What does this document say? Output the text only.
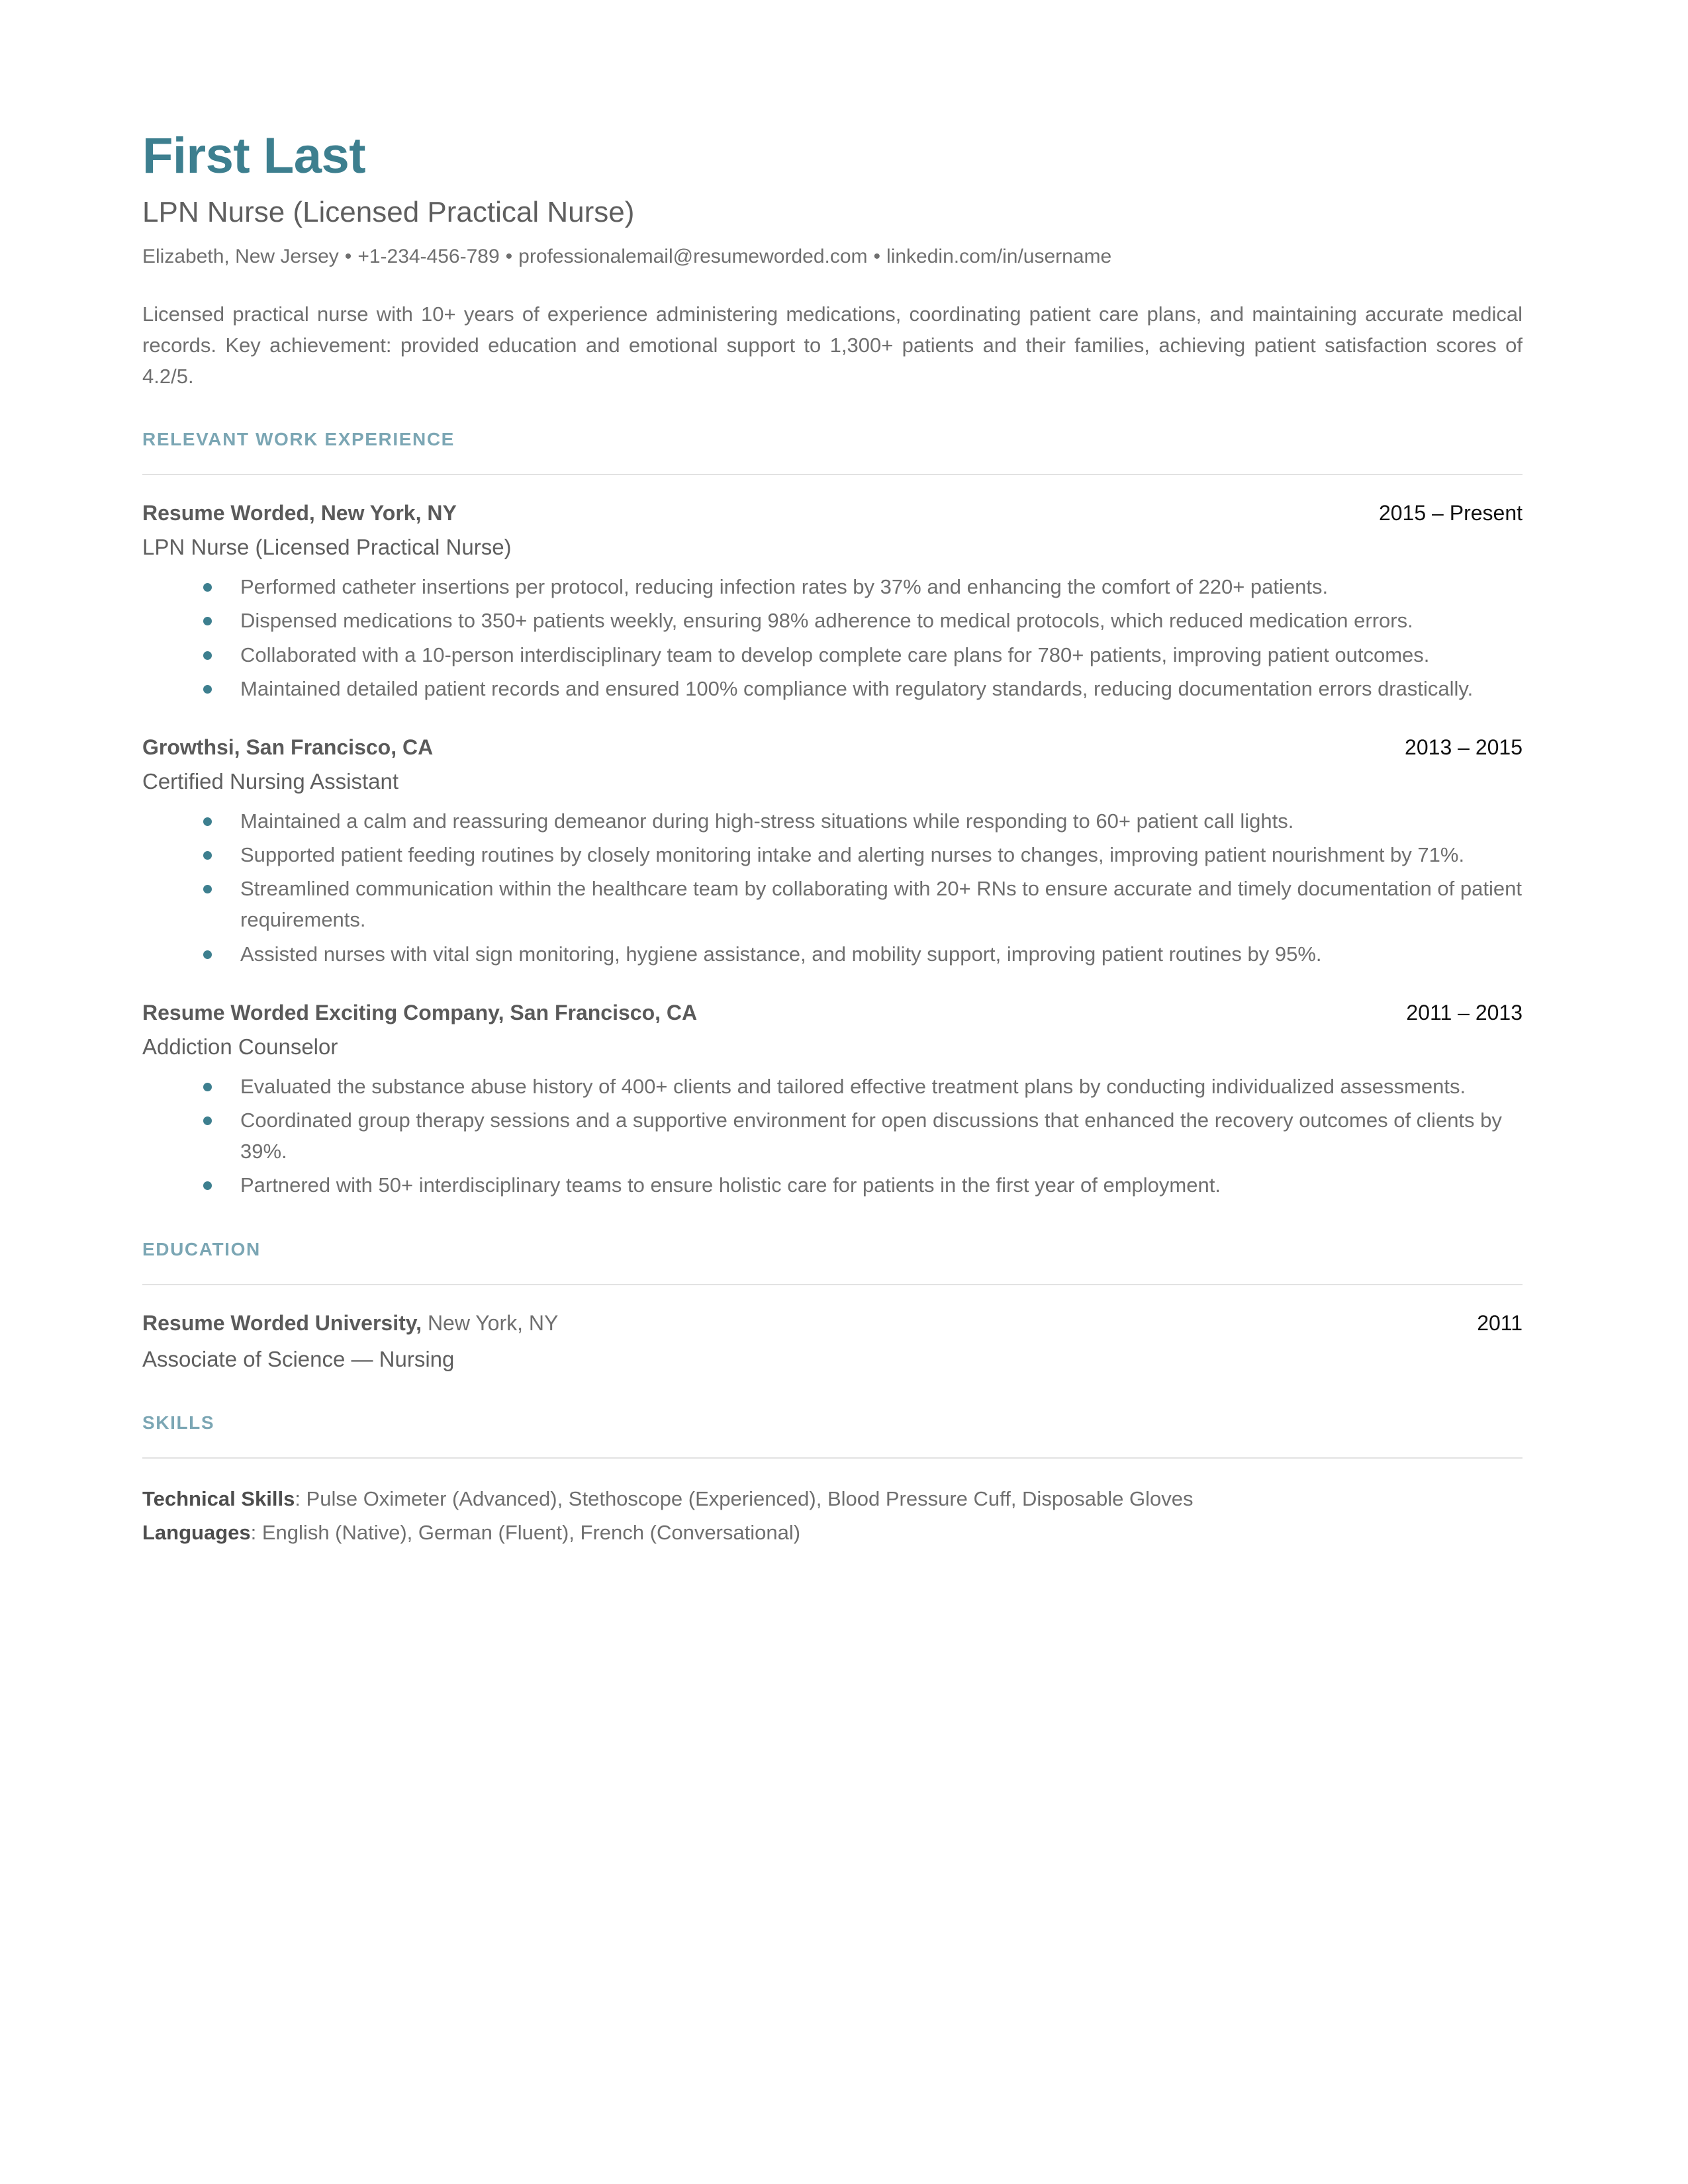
First Last
LPN Nurse (Licensed Practical Nurse)
Elizabeth, New Jersey • +1-234-456-789 • professionalemail@resumeworded.com • linkedin.com/in/username
Licensed practical nurse with 10+ years of experience administering medications, coordinating patient care plans, and maintaining accurate medical records. Key achievement: provided education and emotional support to 1,300+ patients and their families, achieving patient satisfaction scores of 4.2/5.
RELEVANT WORK EXPERIENCE
Resume Worded, New York, NY	2015 – Present
LPN Nurse (Licensed Practical Nurse)
Performed catheter insertions per protocol, reducing infection rates by 37% and enhancing the comfort of 220+ patients.
Dispensed medications to 350+ patients weekly, ensuring 98% adherence to medical protocols, which reduced medication errors.
Collaborated with a 10-person interdisciplinary team to develop complete care plans for 780+ patients, improving patient outcomes.
Maintained detailed patient records and ensured 100% compliance with regulatory standards, reducing documentation errors drastically.
Growthsi, San Francisco, CA	2013 – 2015
Certified Nursing Assistant
Maintained a calm and reassuring demeanor during high-stress situations while responding to 60+ patient call lights.
Supported patient feeding routines by closely monitoring intake and alerting nurses to changes, improving patient nourishment by 71%.
Streamlined communication within the healthcare team by collaborating with 20+ RNs to ensure accurate and timely documentation of patient requirements.
Assisted nurses with vital sign monitoring, hygiene assistance, and mobility support, improving patient routines by 95%.
Resume Worded Exciting Company, San Francisco, CA	2011 – 2013
Addiction Counselor
Evaluated the substance abuse history of 400+ clients and tailored effective treatment plans by conducting individualized assessments.
Coordinated group therapy sessions and a supportive environment for open discussions that enhanced the recovery outcomes of clients by 39%.
Partnered with 50+ interdisciplinary teams to ensure holistic care for patients in the first year of employment.
EDUCATION
Resume Worded University, New York, NY	2011
Associate of Science — Nursing
SKILLS
Technical Skills: Pulse Oximeter (Advanced), Stethoscope (Experienced), Blood Pressure Cuff, Disposable Gloves
Languages: English (Native), German (Fluent), French (Conversational)
